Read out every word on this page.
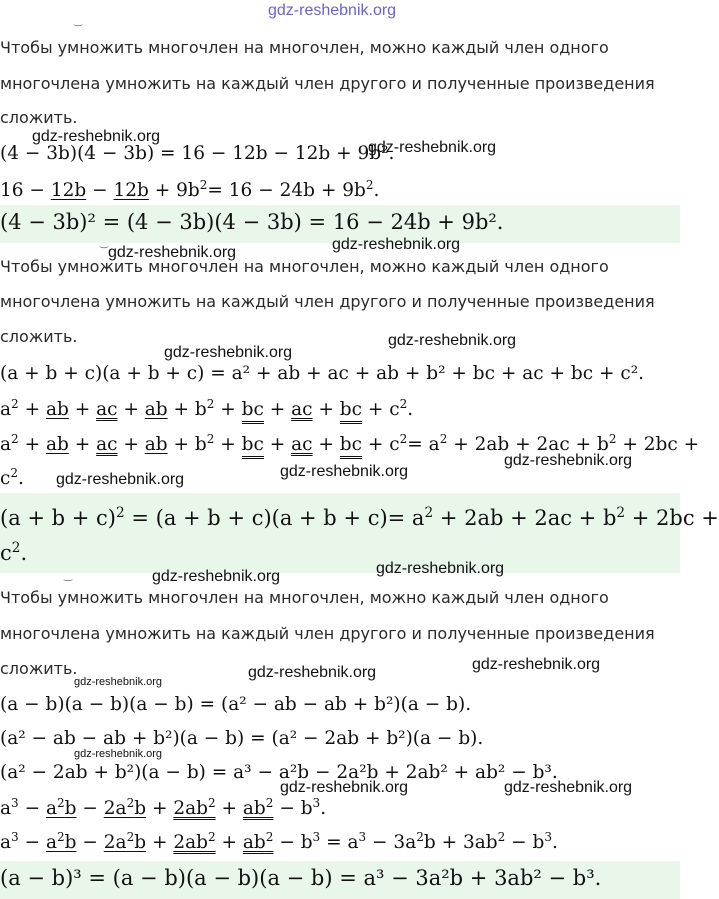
gdz-reshebnik.org
‿
Чтобы умножить многочлен на многочлен, можно каждый член одного
многочлена умножить на каждый член другого и полученные произведения
сложить.
gdz-reshebnik.org
(4 − 3b)(4 − 3b) = 16 − 12b − 12b + 9b².
gdz-reshebnik.org
$16 - 12b - 12b + 9b^2= 16 - 24b + 9b^2$.
(4 − 3b)² = (4 − 3b)(4 − 3b) = 16 − 24b + 9b².
‿
gdz-reshebnik.org	gdz-reshebnik.org
Чтобы умножить многочлен на многочлен, можно каждый член одного
многочлена умножить на каждый член другого и полученные произведения
сложить.	gdz-reshebnik.org
gdz-reshebnik.org
(a + b + c)(a + b + c) = a² + ab + ac + ab + b² + bc + ac + bc + c².
$a^2$ + ab + ac + ab + $b^2$ + bc + ac + bc + $c^2$.
$a^2$ + ab + ac + ab + $b^2$ + bc + ac + bc + $c^2= a^2 + 2ab + 2ac + b^2 + 2bc$ +
$c^2$. gdz-reshebnik.org	gdz-reshebnik.org
gdz-reshebnik.org
$(a + b + c)^2 = (a + b + c)(a + b + c)= a^2 + 2ab + 2ac + b^2 + 2bc$ +
$c^2$.
‿	gdz-reshebnik.org	gdz-reshebnik.org
Чтобы умножить многочлен на многочлен, можно каждый член одного
многочлена умножить на каждый член другого и полученные произведения
сложить.
gdz-reshebnik.org
gdz-reshebnik.org	gdz-reshebnik.org
(a − b)(a − b)(a − b) = (a² − ab − ab + b²)(a − b).
(a² − ab − ab + b²)(a − b) = (a² − 2ab + b²)(a − b).
gdz-reshebnik.org
(a² − 2ab + b²)(a − b) = a³ − a²b − 2a²b + 2ab² + ab² − b³.
gdz-reshebnik.org	gdz-reshebnik.org
$a^3 - a^2b - 2a^2b + 2ab^2 + ab^2 - b^3$.
$a^3 - a^2b - 2a^2b + 2ab^2 + ab^2 - b^3 = a^3 - 3a^2b + 3ab^2 - b^3$.
(a − b)³ = (a − b)(a − b)(a − b) = a³ − 3a²b + 3ab² − b³.
